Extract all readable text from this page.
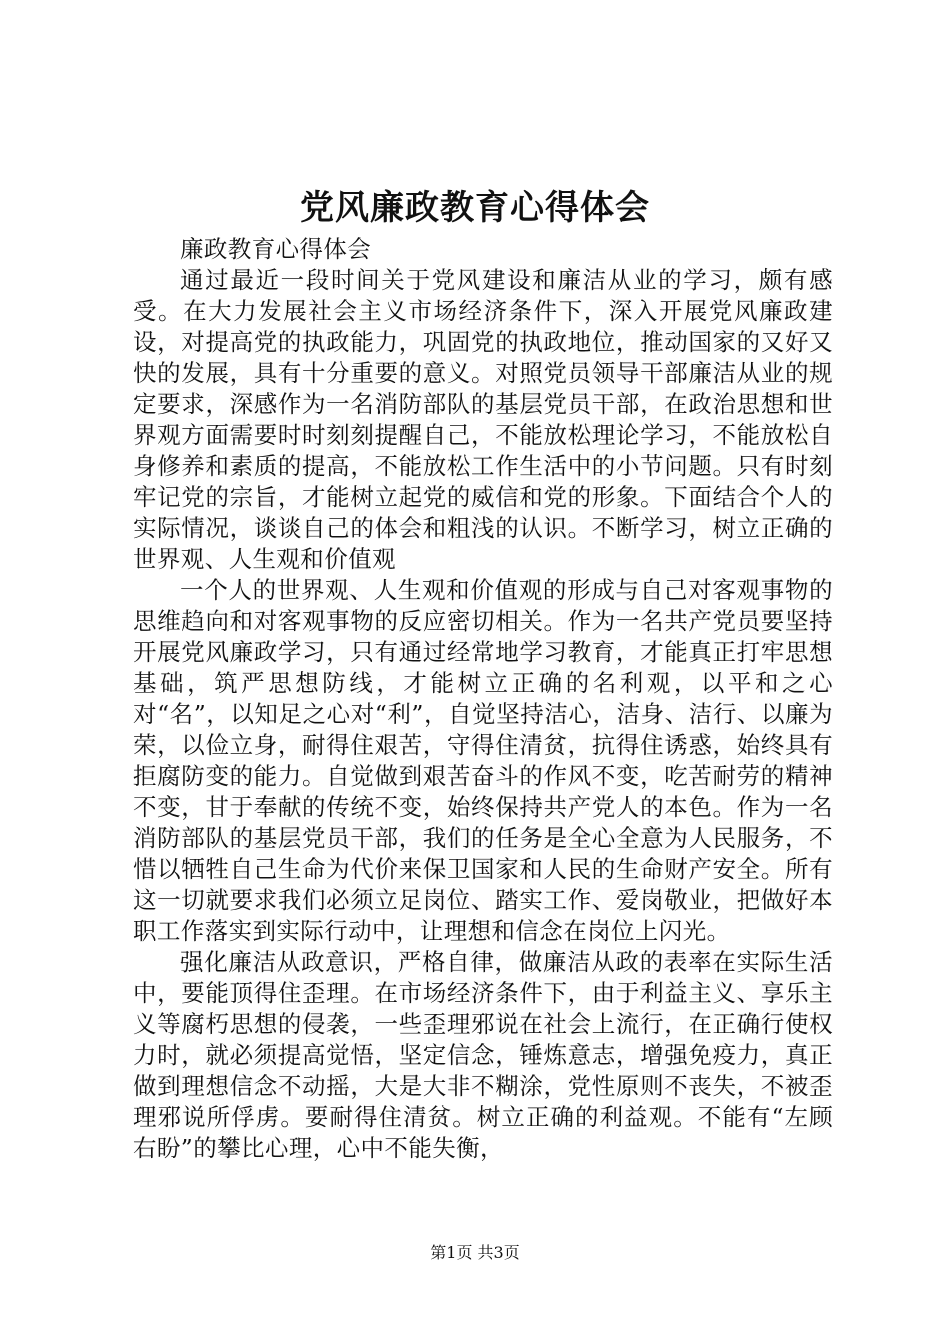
党风廉政教育心得体会

廉政教育心得体会

通过最近一段时间关于党风建设和廉洁从业的学习，颇有感受。在大力发展社会主义市场经济条件下，深入开展党风廉政建设，对提高党的执政能力，巩固党的执政地位，推动国家的又好又快的发展，具有十分重要的意义。对照党员领导干部廉洁从业的规定要求，深感作为一名消防部队的基层党员干部，在政治思想和世界观方面需要时时刻刻提醒自己，不能放松理论学习，不能放松自身修养和素质的提高，不能放松工作生活中的小节问题。只有时刻牢记党的宗旨，才能树立起党的威信和党的形象。下面结合个人的实际情况，谈谈自己的体会和粗浅的认识。不断学习，树立正确的世界观、人生观和价值观

一个人的世界观、人生观和价值观的形成与自己对客观事物的思维趋向和对客观事物的反应密切相关。作为一名共产党员要坚持开展党风廉政学习，只有通过经常地学习教育，才能真正打牢思想基础，筑严思想防线，才能树立正确的名利观，以平和之心对“名”，以知足之心对“利”，自觉坚持洁心，洁身、洁行、以廉为荣，以俭立身，耐得住艰苦，守得住清贫，抗得住诱惑，始终具有拒腐防变的能力。自觉做到艰苦奋斗的作风不变，吃苦耐劳的精神不变，甘于奉献的传统不变，始终保持共产党人的本色。作为一名消防部队的基层党员干部，我们的任务是全心全意为人民服务，不惜以牺牲自己生命为代价来保卫国家和人民的生命财产安全。所有这一切就要求我们必须立足岗位、踏实工作、爱岗敬业，把做好本职工作落实到实际行动中，让理想和信念在岗位上闪光。

强化廉洁从政意识，严格自律，做廉洁从政的表率在实际生活中，要能顶得住歪理。在市场经济条件下，由于利益主义、享乐主义等腐朽思想的侵袭，一些歪理邪说在社会上流行，在正确行使权力时，就必须提高觉悟，坚定信念，锤炼意志，增强免疫力，真正做到理想信念不动摇，大是大非不糊涂，党性原则不丧失，不被歪理邪说所俘虏。要耐得住清贫。树立正确的利益观。不能有“左顾右盼”的攀比心理，心中不能失衡，

第1页 共3页
